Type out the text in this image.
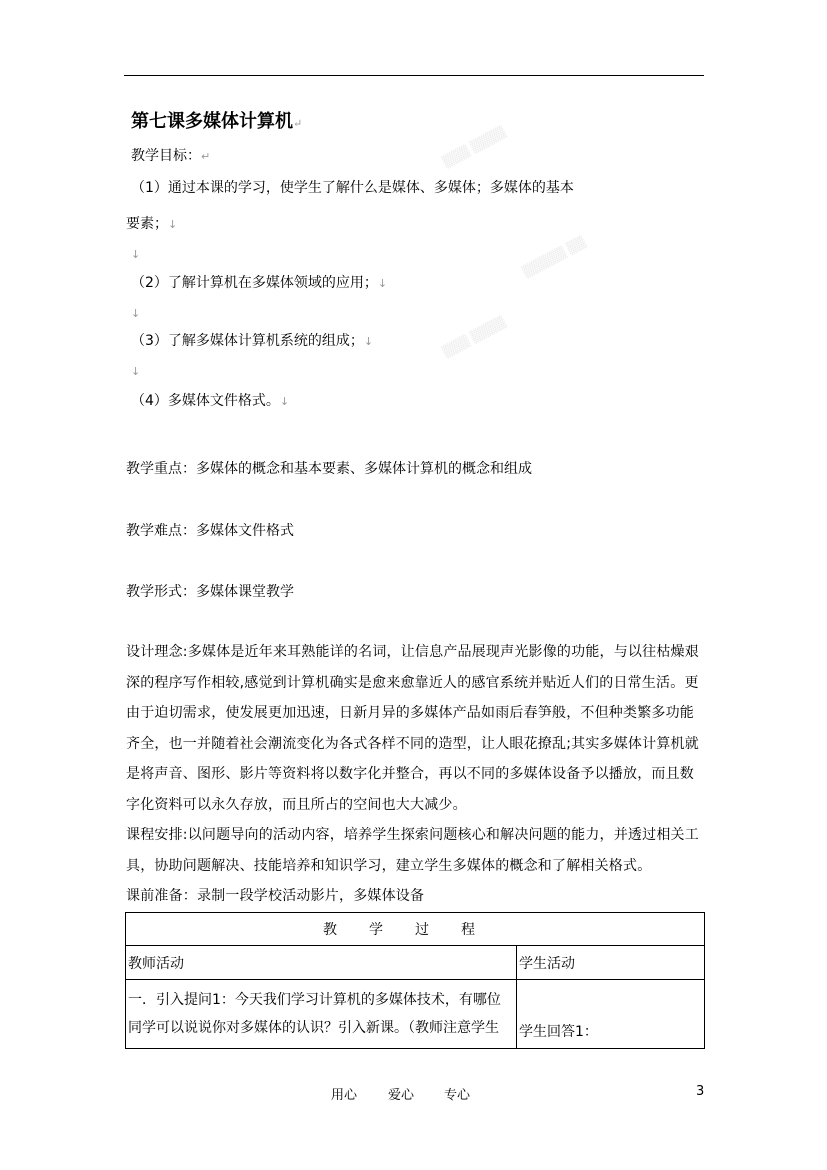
▒▒▒ ▒▒▒▒
▒▒▒▒▒ ▒▒
▒▒▒ ▒▒▒▒
第七课多媒体计算机↵
教学目标：↵
（1）通过本课的学习，使学生了解什么是媒体、多媒体；多媒体的基本
要素；↓
↓
（2）了解计算机在多媒体领域的应用；↓
↓
（3）了解多媒体计算机系统的组成；↓
↓
（4）多媒体文件格式。↓
教学重点：多媒体的概念和基本要素、多媒体计算机的概念和组成
教学难点：多媒体文件格式
教学形式：多媒体课堂教学
设计理念:多媒体是近年来耳熟能详的名词，让信息产品展现声光影像的功能，与以往枯燥艰深的程序写作相较,感觉到计算机确实是愈来愈靠近人的感官系统并贴近人们的日常生活。更由于迫切需求，使发展更加迅速，日新月异的多媒体产品如雨后春笋般，不但种类繁多功能齐全，也一并随着社会潮流变化为各式各样不同的造型，让人眼花撩乱;其实多媒体计算机就是将声音、图形、影片等资料将以数字化并整合，再以不同的多媒体设备予以播放，而且数字化资料可以永久存放，而且所占的空间也大大减少。
课程安排:以问题导向的活动内容，培养学生探索问题核心和解决问题的能力，并透过相关工具，协助问题解决、技能培养和知识学习，建立学生多媒体的概念和了解相关格式。
课前准备：录制一段学校活动影片，多媒体设备
教学过程	
教师活动	学生活动
一．引入提问1：今天我们学习计算机的多媒体技术，有哪位同学可以说说你对多媒体的认识？引入新课。（教师注意学生	学生回答1：
用心 爱心 专心	3
